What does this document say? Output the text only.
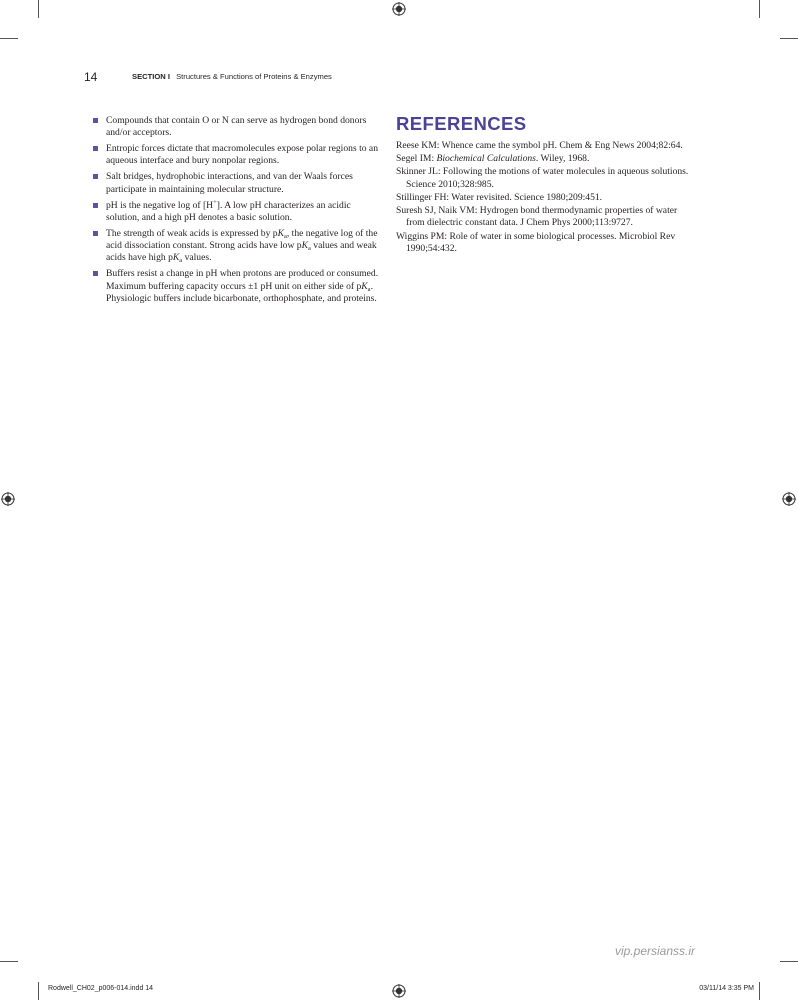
14	SECTION I Structures & Functions of Proteins & Enzymes
Compounds that contain O or N can serve as hydrogen bond donors and/or acceptors.
Entropic forces dictate that macromolecules expose polar regions to an aqueous interface and bury nonpolar regions.
Salt bridges, hydrophobic interactions, and van der Waals forces participate in maintaining molecular structure.
pH is the negative log of [H+]. A low pH characterizes an acidic solution, and a high pH denotes a basic solution.
The strength of weak acids is expressed by $pK_a$, the negative log of the acid dissociation constant. Strong acids have low $pK_a$ values and weak acids have high $pK_a$ values.
Buffers resist a change in pH when protons are produced or consumed. Maximum buffering capacity occurs ±1 pH unit on either side of $pK_a$. Physiologic buffers include bicarbonate, orthophosphate, and proteins.
REFERENCES
Reese KM: Whence came the symbol pH. Chem & Eng News 2004;82:64.
Segel IM: Biochemical Calculations. Wiley, 1968.
Skinner JL: Following the motions of water molecules in aqueous solutions. Science 2010;328:985.
Stillinger FH: Water revisited. Science 1980;209:451.
Suresh SJ, Naik VM: Hydrogen bond thermodynamic properties of water from dielectric constant data. J Chem Phys 2000;113:9727.
Wiggins PM: Role of water in some biological processes. Microbiol Rev 1990;54:432.
vip.persianss.ir
Rodwell_CH02_p006-014.indd 14	03/11/14 3:35 PM
